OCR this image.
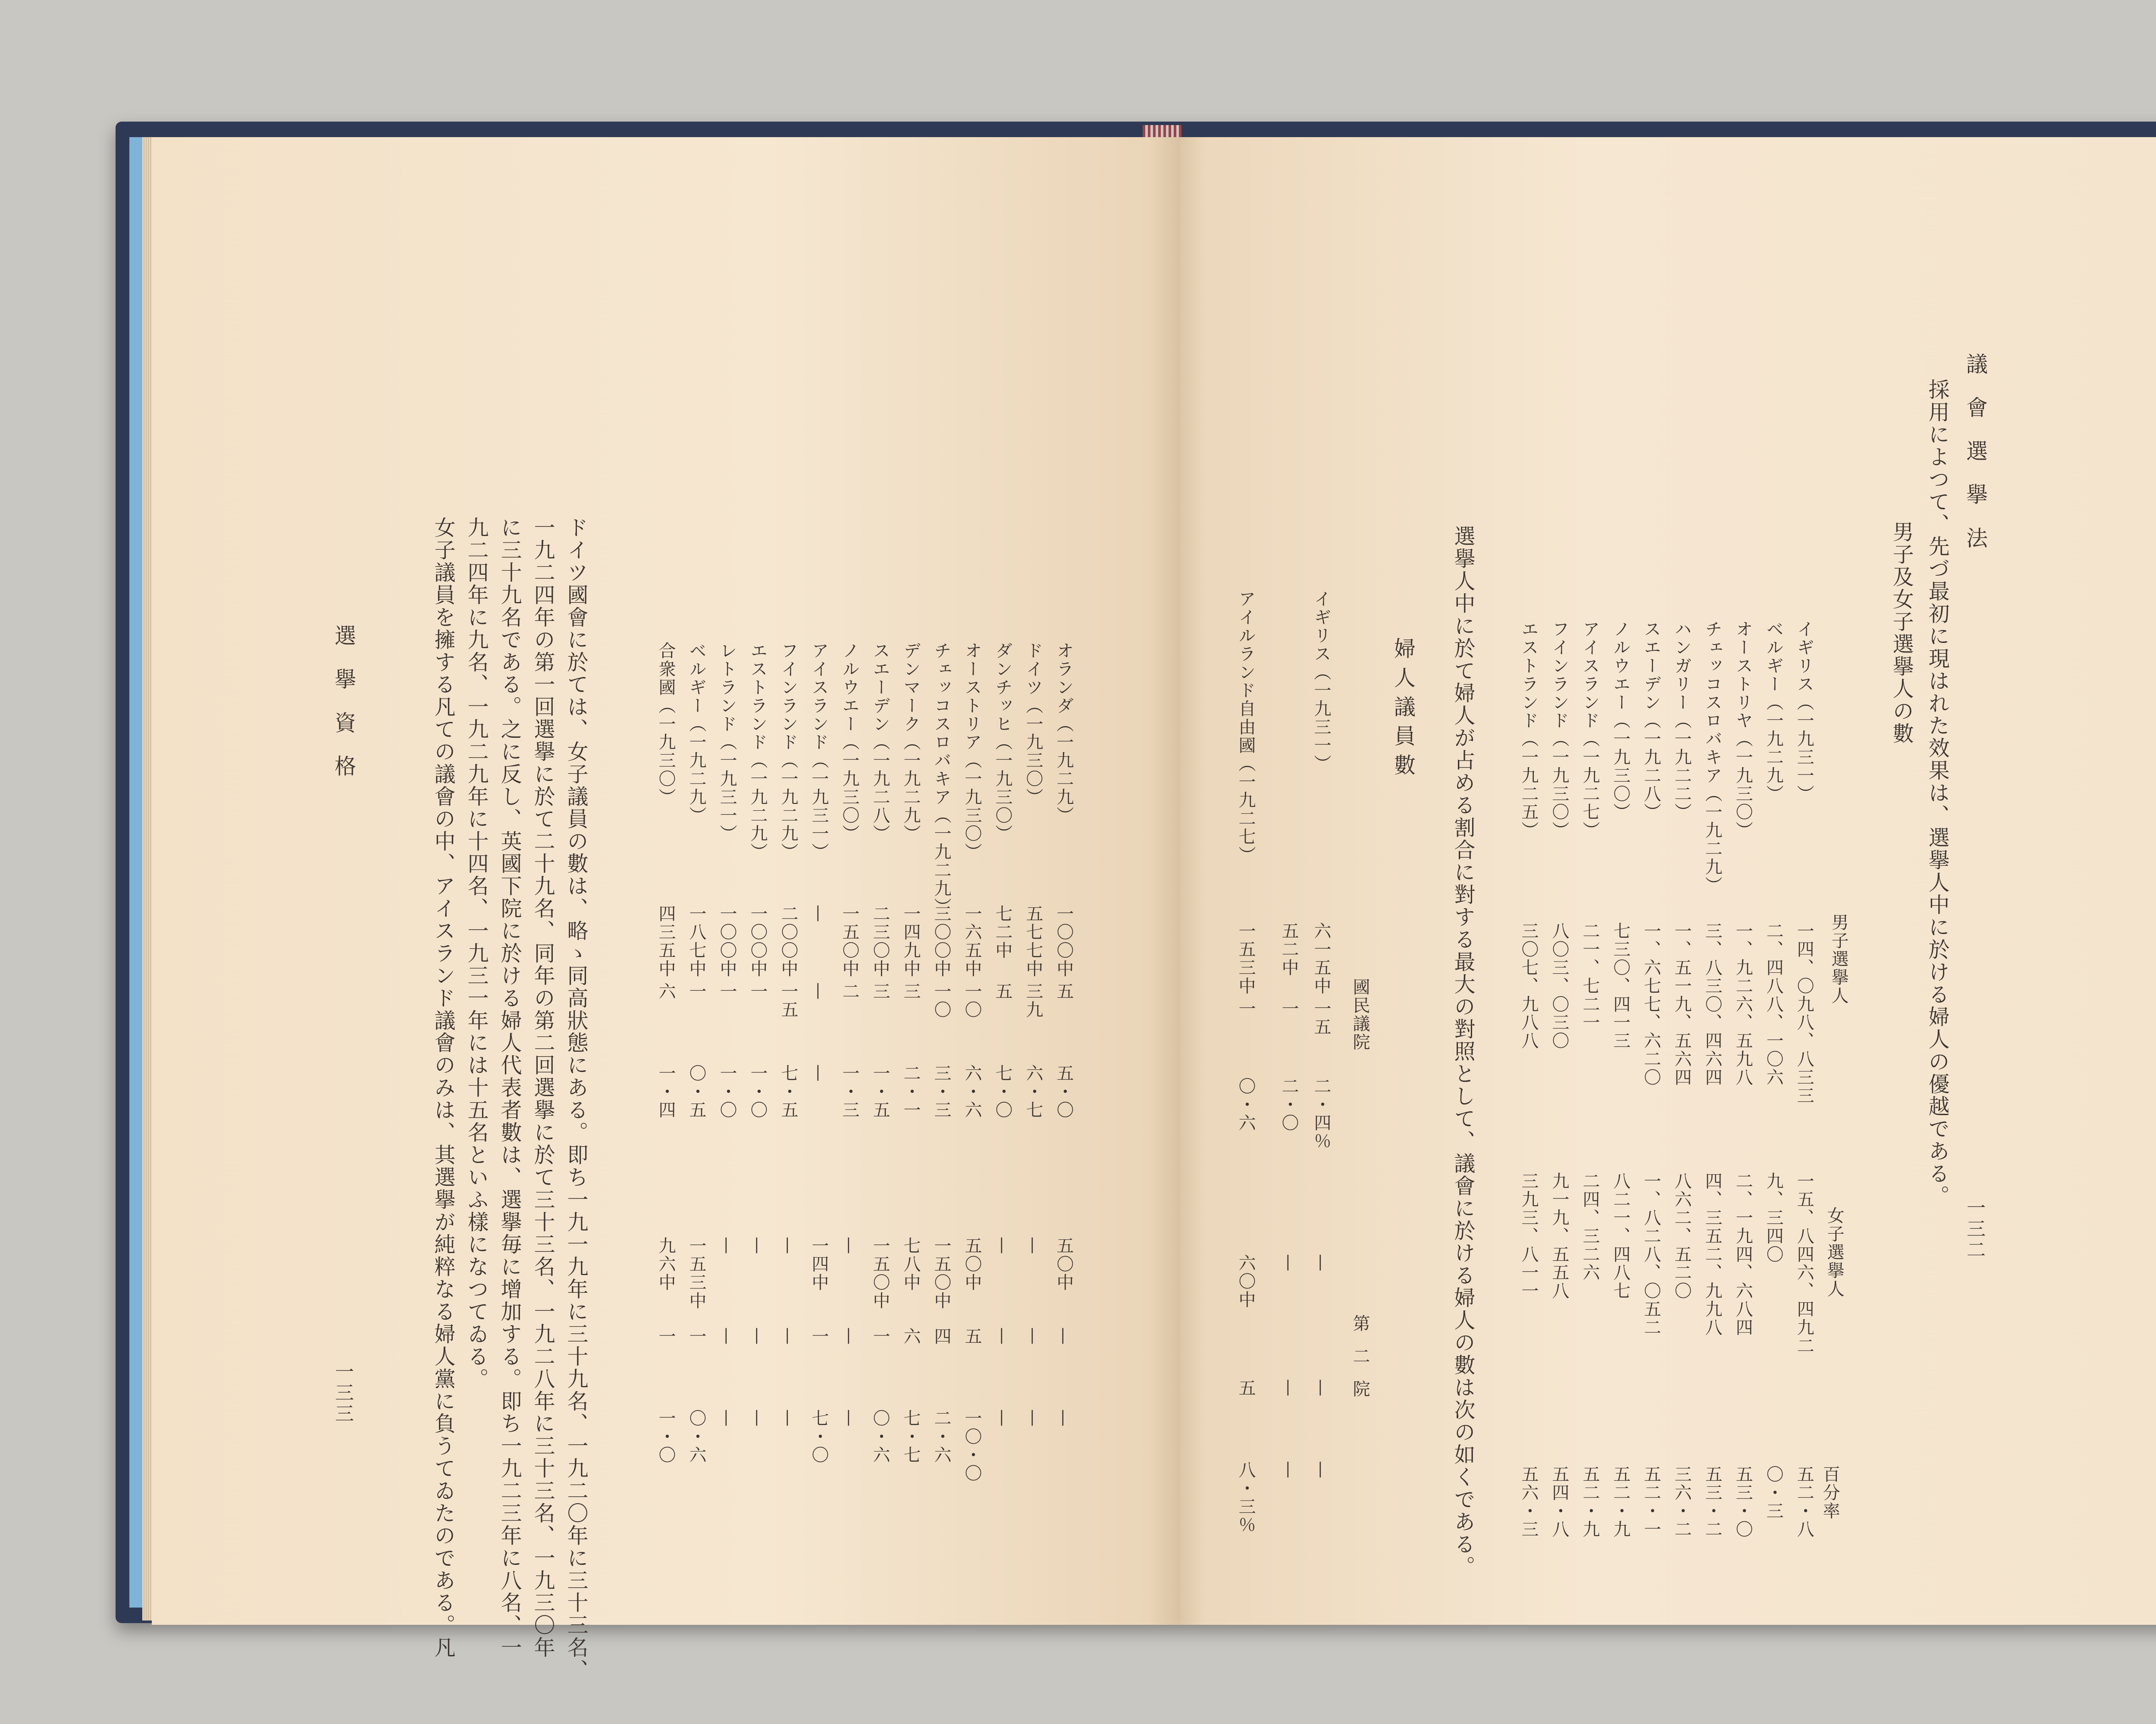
議 會 選 擧 法
一三二
採用によつて、先づ最初に現はれた效果は、選擧人中に於ける婦人の優越である。
男子及女子選擧人の數
男子選擧人
女子選擧人
百分率
イギリス（一九三一）
一四、〇九八、八三三
一五、八四六、四九二
五二・八
ベルギー（一九二九）
二、四八八、一〇六
九、三四〇
〇・三
オーストリヤ（一九三〇）
一、九二六、五九八
二、一九四、六八四
五三・〇
チェッコスロバキア（一九二九）
三、八三〇、四六四
四、三五二、九九八
五三・二
ハンガリー（一九二二）
一、五一九、五六四
八六二、五二〇
三六・二
スエーデン（一九二八）
一、六七七、六二〇
一、八二八、〇五二
五二・一
ノルウエー（一九三〇）
七三〇、四一三
八二一、四八七
五二・九
アイスランド（一九二七）
二一、七二一
二四、三二六
五二・九
フインランド（一九三〇）
八〇三、〇三〇
九一九、五五八
五四・八
エストランド（一九二五）
三〇七、九八八
三九三、八一一
五六・三
選擧人中に於て婦人が占める割合に對する最大の對照として、議會に於ける婦人の數は次の如くである。
婦人議員數
國民議院
第二院
イギリス（一九三一）
六一五中
一五
二・四％
—
—
—
五二中
一
二・〇
—
—
—
アイルランド自由國（一九二七）
一五三中
一
〇・六
六〇中
五
八・三％
オランダ（一九二九）
一〇〇中
五
五・〇
五〇中
—
—
ドイツ（一九三〇）
五七七中
三九
六・七
—
—
—
ダンチッヒ（一九三〇）
七二中
五
七・〇
—
—
—
オーストリア（一九三〇）
一六五中
一〇
六・六
五〇中
五
一〇・〇
チェッコスロバキア（一九二九）
三〇〇中
一〇
三・三
一五〇中
四
二・六
デンマーク（一九二九）
一四九中
三
二・一
七八中
六
七・七
スエーデン（一九二八）
二三〇中
三
一・五
一五〇中
一
〇・六
ノルウエー（一九三〇）
一五〇中
二
一・三
—
—
—
アイスランド（一九三一）
—
—
—
一四中
一
七・〇
フインランド（一九二九）
二〇〇中
一五
七・五
—
—
—
エストランド（一九二九）
一〇〇中
一
一・〇
—
—
—
レトランド（一九三一）
一〇〇中
一
一・〇
—
—
—
ベルギー（一九二九）
一八七中
一
〇・五
一五三中
一
〇・六
合衆國（一九三〇）
四三五中
六
一・四
九六中
一
一・〇
ドイツ國會に於ては、女子議員の數は、略ゝ同高狀態にある。即ち一九一九年に三十九名、一九二〇年に三十三名、
一九二四年の第一回選擧に於て二十九名、同年の第二回選擧に於て三十三名、一九二八年に三十三名、一九三〇年
に三十九名である。之に反し、英國下院に於ける婦人代表者數は、選擧毎に增加する。即ち一九二三年に八名、一
九二四年に九名、一九二九年に十四名、一九三一年には十五名といふ樣になつてゐる。
女子議員を擁する凡ての議會の中、アイスランド議會のみは、其選擧が純粹なる婦人黨に負うてゐたのである。凡
選 擧 資 格
一三三
